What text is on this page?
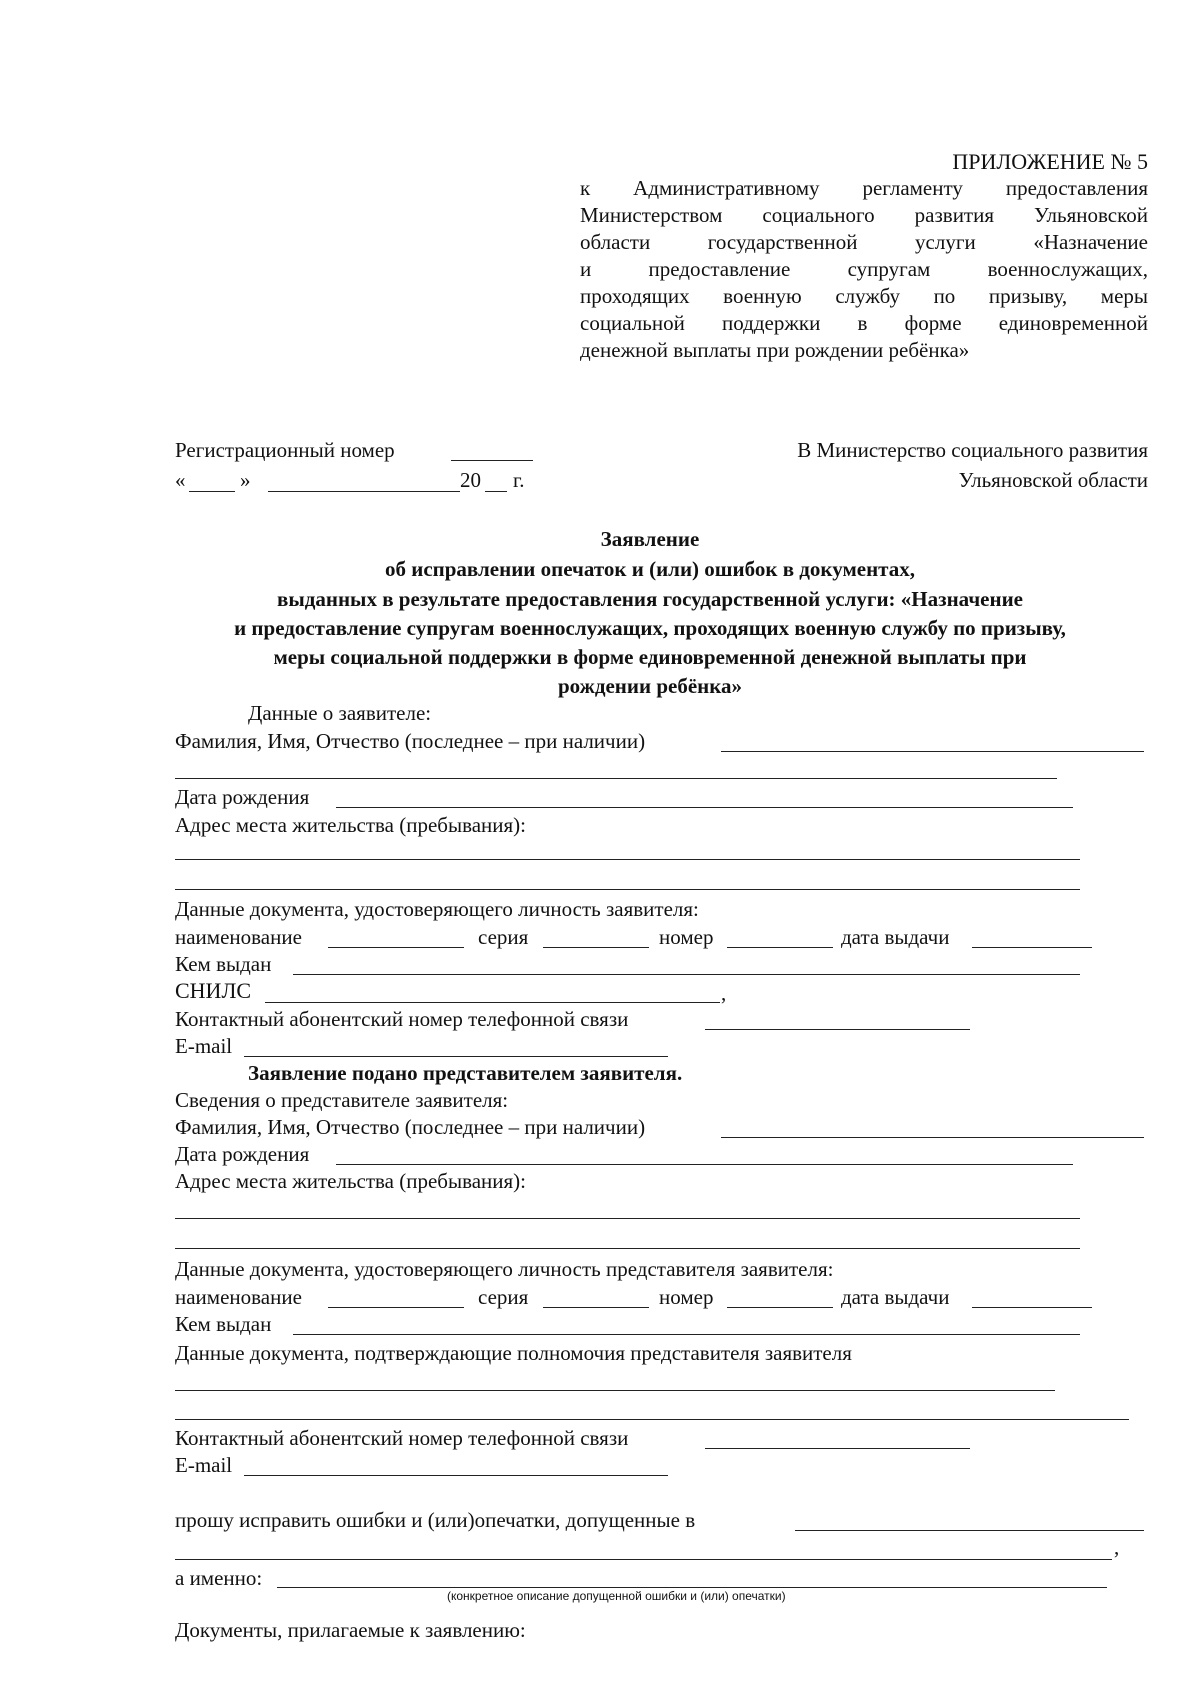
ПРИЛОЖЕНИЕ № 5
к Административному регламенту предоставления
Министерством социального развития Ульяновской
области государственной услуги «Назначение
и предоставление супругам военнослужащих,
проходящих военную службу по призыву, меры
социальной поддержки в форме единовременной
денежной выплаты при рождении ребёнка»
Регистрационный номер
«	»	20 г.
В Министерство социального развития
Ульяновской области
Заявление
об исправлении опечаток и (или) ошибок в документах,
выданных в результате предоставления государственной услуги: «Назначение
и предоставление супругам военнослужащих, проходящих военную службу по призыву,
меры социальной поддержки в форме единовременной денежной выплаты при
рождении ребёнка»
Данные о заявителе:
Фамилия, Имя, Отчество (последнее – при наличии)
Дата рождения
Адрес места жительства (пребывания):
Данные документа, удостоверяющего личность заявителя:
наименование	серия	номер	дата выдачи
Кем выдан
СНИЛС	,
Контактный абонентский номер телефонной связи
E-mail
Заявление подано представителем заявителя.
Сведения о представителе заявителя:
Фамилия, Имя, Отчество (последнее – при наличии)
Дата рождения
Адрес места жительства (пребывания):
Данные документа, удостоверяющего личность представителя заявителя:
наименование	серия	номер	дата выдачи
Кем выдан
Данные документа, подтверждающие полномочия представителя заявителя
Контактный абонентский номер телефонной связи
E-mail
прошу исправить ошибки и (или)опечатки, допущенные в
,
а именно:
(конкретное описание допущенной ошибки и (или) опечатки)
Документы, прилагаемые к заявлению:
